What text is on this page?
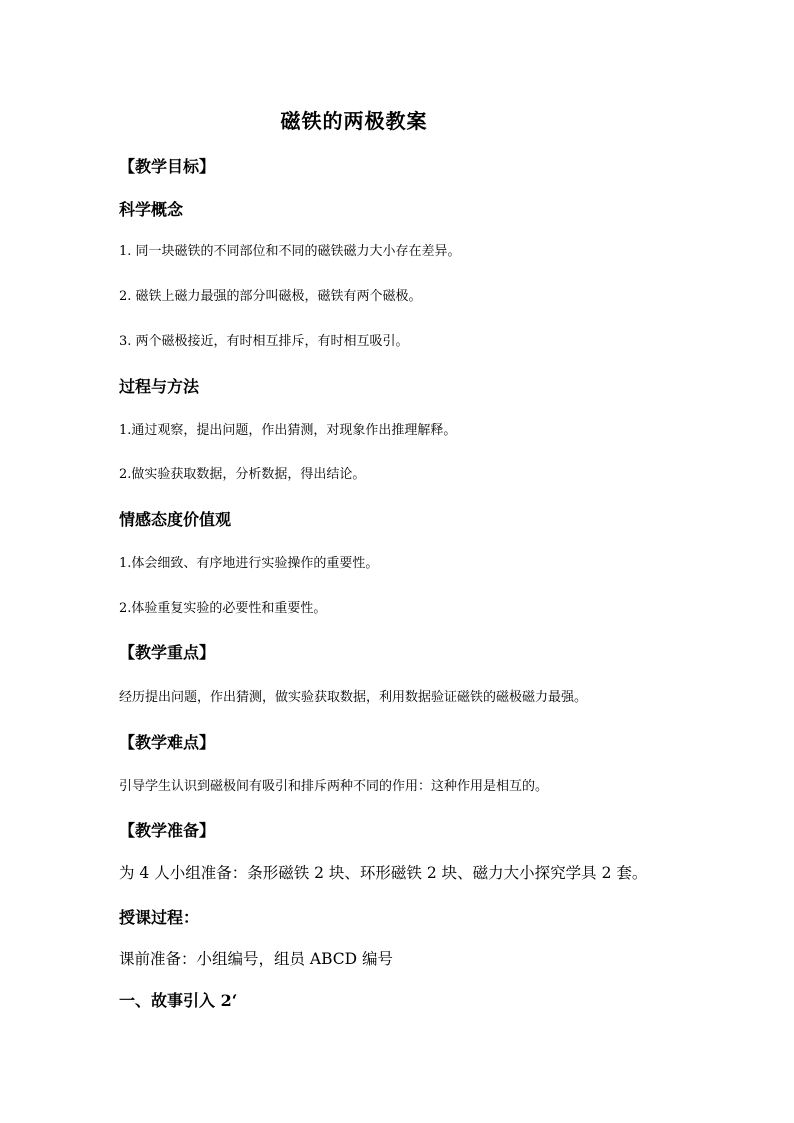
磁铁的两极教案
【教学目标】
科学概念
1. 同一块磁铁的不同部位和不同的磁铁磁力大小存在差异。
2. 磁铁上磁力最强的部分叫磁极，磁铁有两个磁极。
3. 两个磁极接近，有时相互排斥，有时相互吸引。
过程与方法
1.通过观察，提出问题，作出猜测，对现象作出推理解释。
2.做实验获取数据，分析数据，得出结论。
情感态度价值观
1.体会细致、有序地进行实验操作的重要性。
2.体验重复实验的必要性和重要性。
【教学重点】
经历提出问题，作出猜测，做实验获取数据，利用数据验证磁铁的磁极磁力最强。
【教学难点】
引导学生认识到磁极间有吸引和排斥两种不同的作用：这种作用是相互的。
【教学准备】
为 4 人小组准备：条形磁铁 2 块、环形磁铁 2 块、磁力大小探究学具 2 套。
授课过程：
课前准备：小组编号，组员 ABCD 编号
一、故事引入 2‘
